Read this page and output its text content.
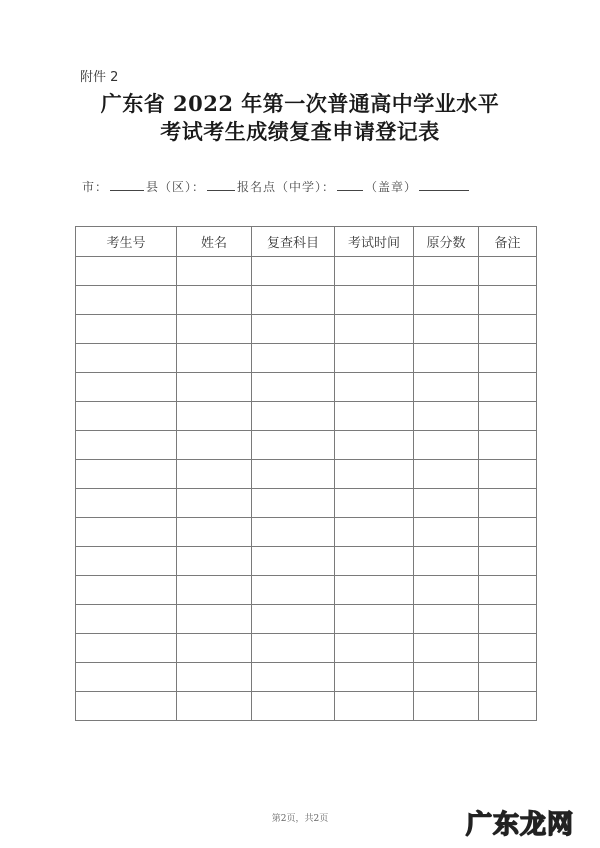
附件 2
广东省 2022 年第一次普通高中学业水平
考试考生成绩复查申请登记表
市：	县（区）：	报名点（中学）：	（盖章）
考生号	姓名	复查科目	考试时间	原分数	备注

第2页，共2页	广东龙网
